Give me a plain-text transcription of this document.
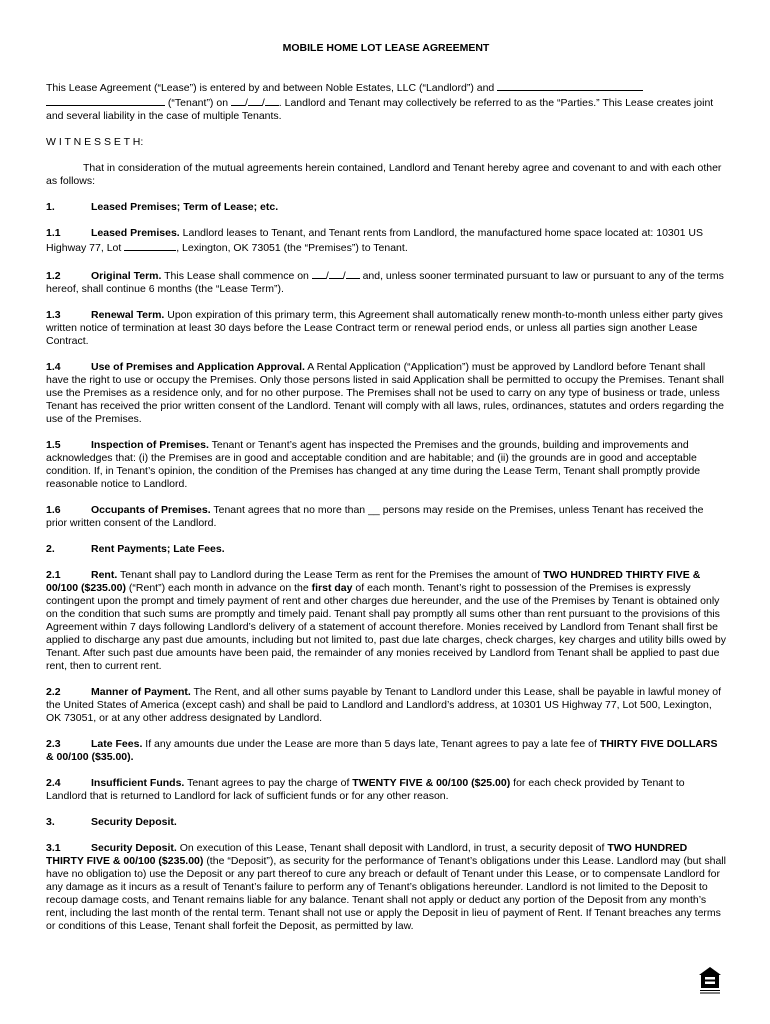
MOBILE HOME LOT LEASE AGREEMENT

This Lease Agreement (“Lease”) is entered by and between Noble Estates, LLC (“Landlord”) and
(“Tenant”) on / / . Landlord and Tenant may collectively be referred to as the “Parties.” This Lease creates joint and several liability in the case of multiple Tenants.

W I T N E S S E T H:

That in consideration of the mutual agreements herein contained, Landlord and Tenant hereby agree and covenant to and with each other as follows:

1.	Leased Premises; Term of Lease; etc.

1.1	Leased Premises. Landlord leases to Tenant, and Tenant rents from Landlord, the manufactured home space located at: 10301 US Highway 77, Lot	, Lexington, OK 73051 (the “Premises”) to Tenant.

1.2	Original Term. This Lease shall commence on / / and, unless sooner terminated pursuant to law or pursuant to any of the terms hereof, shall continue 6 months (the “Lease Term”).

1.3	Renewal Term. Upon expiration of this primary term, this Agreement shall automatically renew month-to-month unless either party gives written notice of termination at least 30 days before the Lease Contract term or renewal period ends, or unless all parties sign another Lease Contract.

1.4	Use of Premises and Application Approval. A Rental Application (“Application”) must be approved by Landlord before Tenant shall have the right to use or occupy the Premises. Only those persons listed in said Application shall be permitted to occupy the Premises. Tenant shall use the Premises as a residence only, and for no other purpose. The Premises shall not be used to carry on any type of business or trade, unless Tenant has received the prior written consent of the Landlord. Tenant will comply with all laws, rules, ordinances, statutes and orders regarding the use of the Premises.

1.5	Inspection of Premises. Tenant or Tenant’s agent has inspected the Premises and the grounds, building and improvements and acknowledges that: (i) the Premises are in good and acceptable condition and are habitable; and (ii) the grounds are in good and acceptable condition. If, in Tenant’s opinion, the condition of the Premises has changed at any time during the Lease Term, Tenant shall promptly provide reasonable notice to Landlord.

1.6	Occupants of Premises. Tenant agrees that no more than __ persons may reside on the Premises, unless Tenant has received the prior written consent of the Landlord.

2.	Rent Payments; Late Fees.

2.1	Rent. Tenant shall pay to Landlord during the Lease Term as rent for the Premises the amount of TWO HUNDRED THIRTY FIVE & 00/100 ($235.00) (“Rent”) each month in advance on the first day of each month. Tenant’s right to possession of the Premises is expressly contingent upon the prompt and timely payment of rent and other charges due hereunder, and the use of the Premises by Tenant is obtained only on the condition that such sums are promptly and timely paid. Tenant shall pay promptly all sums other than rent pursuant to the provisions of this Agreement within 7 days following Landlord’s delivery of a statement of account therefore. Monies received by Landlord from Tenant shall first be applied to discharge any past due amounts, including but not limited to, past due late charges, check charges, key charges and utility bills owed by Tenant. After such past due amounts have been paid, the remainder of any monies received by Landlord from Tenant shall be applied to past due rent, then to current rent.

2.2	Manner of Payment. The Rent, and all other sums payable by Tenant to Landlord under this Lease, shall be payable in lawful money of the United States of America (except cash) and shall be paid to Landlord and Landlord’s address, at 10301 US Highway 77, Lot 500, Lexington, OK 73051, or at any other address designated by Landlord.

2.3	Late Fees. If any amounts due under the Lease are more than 5 days late, Tenant agrees to pay a late fee of THIRTY FIVE DOLLARS & 00/100 ($35.00).

2.4	Insufficient Funds. Tenant agrees to pay the charge of TWENTY FIVE & 00/100 ($25.00) for each check provided by Tenant to Landlord that is returned to Landlord for lack of sufficient funds or for any other reason.

3.	Security Deposit.

3.1	Security Deposit. On execution of this Lease, Tenant shall deposit with Landlord, in trust, a security deposit of TWO HUNDRED THIRTY FIVE & 00/100 ($235.00) (the “Deposit”), as security for the performance of Tenant’s obligations under this Lease. Landlord may (but shall have no obligation to) use the Deposit or any part thereof to cure any breach or default of Tenant under this Lease, or to compensate Landlord for any damage as it incurs as a result of Tenant’s failure to perform any of Tenant’s obligations hereunder. Landlord is not limited to the Deposit to recoup damage costs, and Tenant remains liable for any balance. Tenant shall not apply or deduct any portion of the Deposit from any month’s rent, including the last month of the rental term. Tenant shall not use or apply the Deposit in lieu of payment of Rent. If Tenant breaches any terms or conditions of this Lease, Tenant shall forfeit the Deposit, as permitted by law.
